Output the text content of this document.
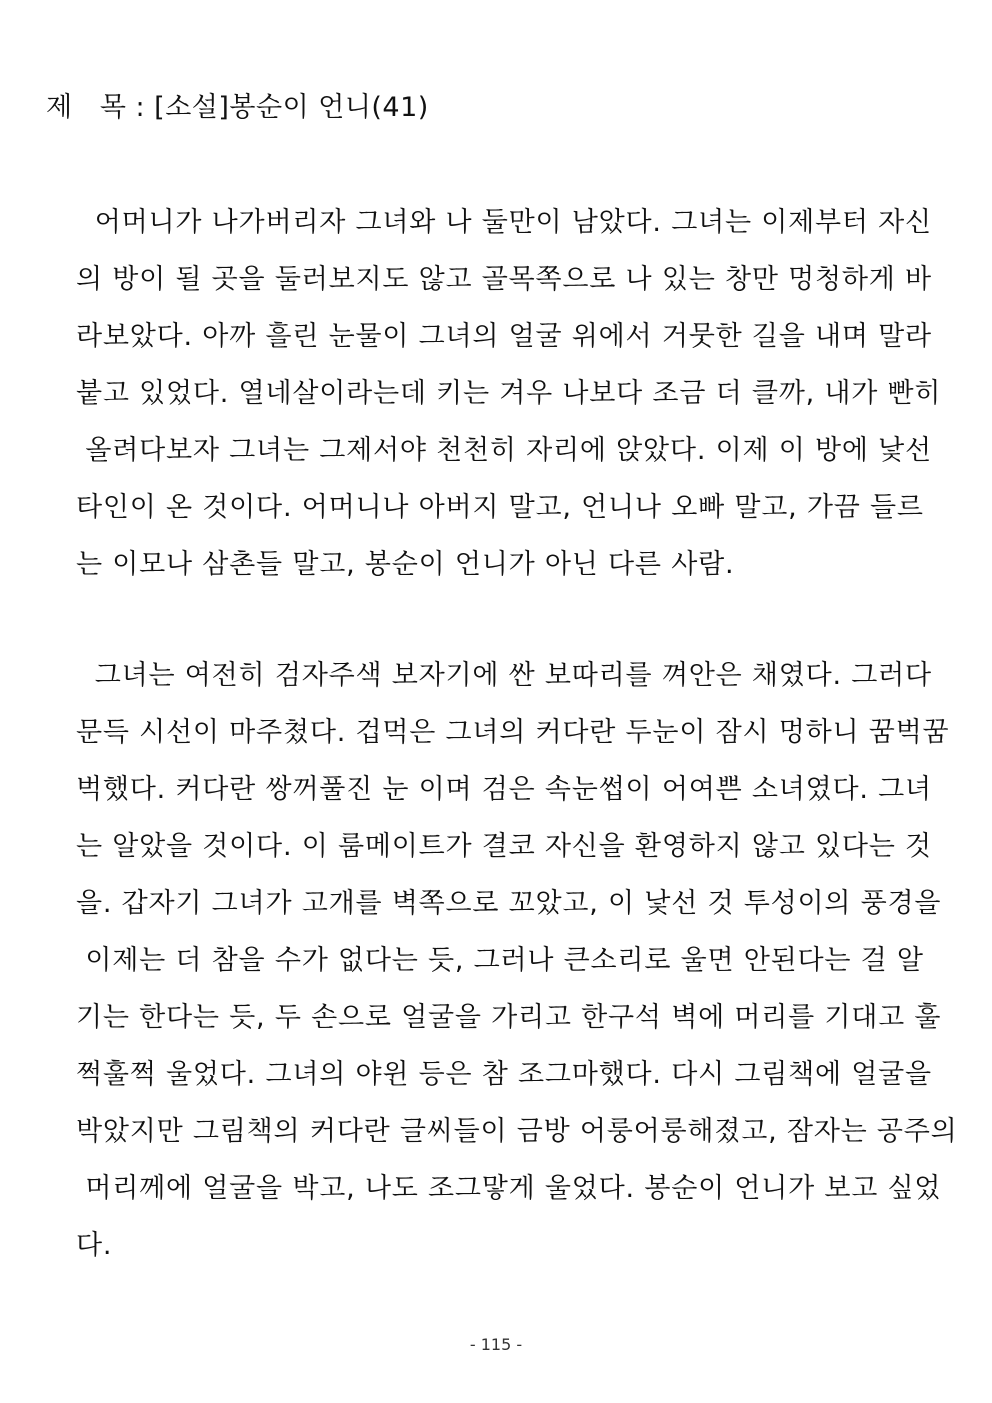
제   목 : [소설]봉순이 언니(41)
어머니가 나가버리자 그녀와 나 둘만이 남았다. 그녀는 이제부터 자신
의 방이 될 곳을 둘러보지도 않고 골목쪽으로 나 있는 창만 멍청하게 바
라보았다. 아까 흘린 눈물이 그녀의 얼굴 위에서 거뭇한 길을 내며 말라
붙고 있었다. 열네살이라는데 키는 겨우 나보다 조금 더 클까, 내가 빤히
올려다보자 그녀는 그제서야 천천히 자리에 앉았다. 이제 이 방에 낯선
타인이 온 것이다. 어머니나 아버지 말고, 언니나 오빠 말고, 가끔 들르
는 이모나 삼촌들 말고, 봉순이 언니가 아닌 다른 사람.
그녀는 여전히 검자주색 보자기에 싼 보따리를 껴안은 채였다. 그러다
문득 시선이 마주쳤다. 겁먹은 그녀의 커다란 두눈이 잠시 멍하니 꿈벅꿈
벅했다. 커다란 쌍꺼풀진 눈 이며 검은 속눈썹이 어여쁜 소녀였다. 그녀
는 알았을 것이다. 이 룸메이트가 결코 자신을 환영하지 않고 있다는 것
을. 갑자기 그녀가 고개를 벽쪽으로 꼬았고, 이 낯선 것 투성이의 풍경을
이제는 더 참을 수가 없다는 듯, 그러나 큰소리로 울면 안된다는 걸 알
기는 한다는 듯, 두 손으로 얼굴을 가리고 한구석 벽에 머리를 기대고 훌
쩍훌쩍 울었다. 그녀의 야윈 등은 참 조그마했다. 다시 그림책에 얼굴을
박았지만 그림책의 커다란 글씨들이 금방 어룽어룽해졌고, 잠자는 공주의
머리께에 얼굴을 박고, 나도 조그맣게 울었다. 봉순이 언니가 보고 싶었
다.
- 115 -
